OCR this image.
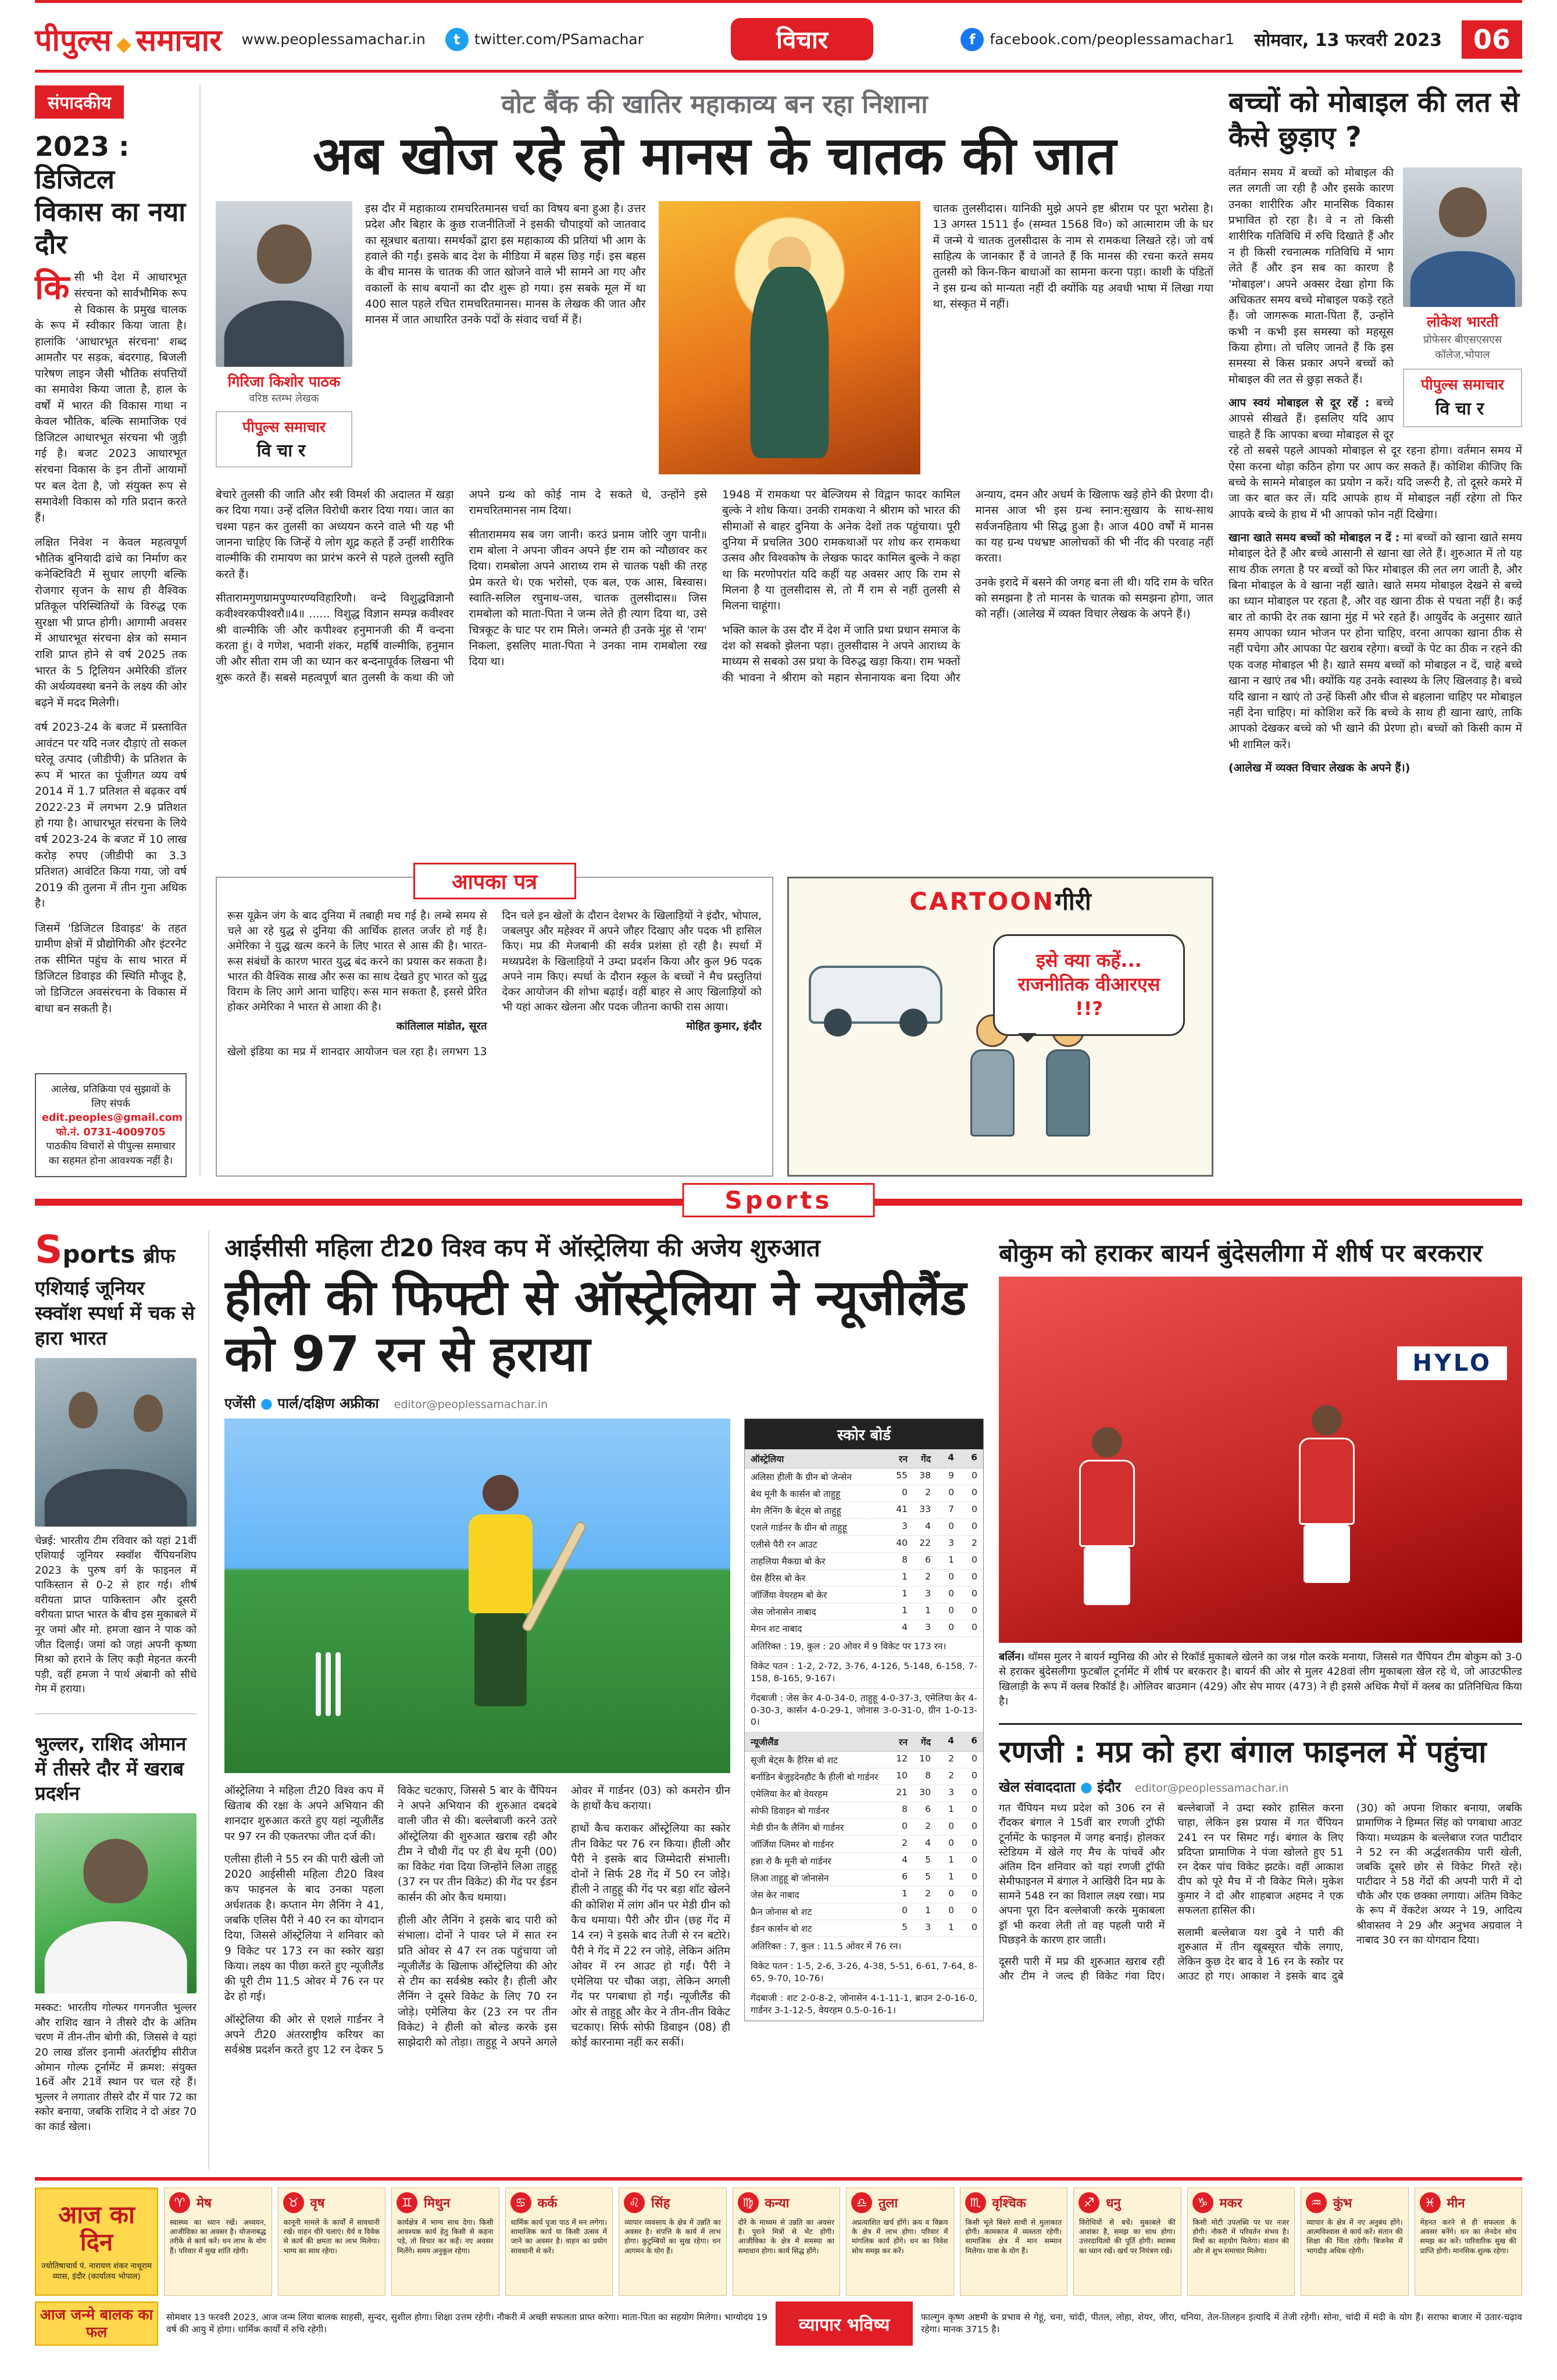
पीपुल्स ◆ समाचार www.peoplessamachar.in	t twitter.com/PSamachar	विचार	f facebook.com/peoplessamachar1 सोमवार, 13 फरवरी 2023	06
संपादकीय
2023 : डिजिटल विकास का नया दौर

किसी भी देश में आधारभूत संरचना को सार्वभौमिक रूप से विकास के प्रमुख चालक के रूप में स्वीकार किया जाता है। हालांकि 'आधारभूत संरचना' शब्द आमतौर पर सड़क, बंदरगाह, बिजली पारेषण लाइन जैसी भौतिक संपत्तियों का समावेश किया जाता है, हाल के वर्षों में भारत की विकास गाथा न केवल भौतिक, बल्कि सामाजिक एवं डिजिटल आधारभूत संरचना भी जुड़ी गई है। बजट 2023 आधारभूत संरचना विकास के इन तीनों आयामों पर बल देता है, जो संयुक्त रूप से समावेशी विकास को गति प्रदान करते हैं।

लक्षित निवेश न केवल महत्वपूर्ण भौतिक बुनियादी ढांचे का निर्माण कर कनेक्टिविटी में सुधार लाएगी बल्कि रोजगार सृजन के साथ ही वैश्विक प्रतिकूल परिस्थितियों के विरुद्ध एक सुरक्षा भी प्राप्त होगी। आगामी अवसर में आधारभूत संरचना क्षेत्र को समान राशि प्राप्त होने से वर्ष 2025 तक भारत के 5 ट्रिलियन अमेरिकी डॉलर की अर्थव्यवस्था बनने के लक्ष्य की ओर बढ़ने में मदद मिलेगी।

वर्ष 2023-24 के बजट में प्रस्तावित आवंटन पर यदि नजर दौड़ाएं तो सकल घरेलू उत्पाद (जीडीपी) के प्रतिशत के रूप में भारत का पूंजीगत व्यय वर्ष 2014 में 1.7 प्रतिशत से बढ़कर वर्ष 2022-23 में लगभग 2.9 प्रतिशत हो गया है। आधारभूत संरचना के लिये वर्ष 2023-24 के बजट में 10 लाख करोड़ रुपए (जीडीपी का 3.3 प्रतिशत) आवंटित किया गया, जो वर्ष 2019 की तुलना में तीन गुना अधिक है।

जिसमें 'डिजिटल डिवाइड' के तहत ग्रामीण क्षेत्रों में प्रौद्योगिकी और इंटरनेट तक सीमित पहुंच के साथ भारत में डिजिटल डिवाइड की स्थिति मौजूद है, जो डिजिटल अवसंरचना के विकास में बाधा बन सकती है।

आलेख, प्रतिक्रिया एवं सुझावों के लिए संपर्क
edit.peoples@gmail.com फो.नं. 0731-4009705
पाठकीय विचारों से पीपुल्स समाचार का सहमत होना आवश्यक नहीं है।
वोट बैंक की खातिर महाकाव्य बन रहा निशाना
अब खोज रहे हो मानस के चातक की जात
गिरिजा किशोर पाठक
वरिष्ठ स्तम्भ लेखक
पीपुल्स समाचार
विचार
इस दौर में महाकाव्य रामचरितमानस चर्चा का विषय बना हुआ है। उत्तर प्रदेश और बिहार के कुछ राजनीतिजों ने इसकी चौपाइयों को जातवाद का सूत्रधार बताया। समर्थकों द्वारा इस महाकाव्य की प्रतियां भी आग के हवाले की गईं। इसके बाद देश के मीडिया में बहस छिड़ गई। इस बहस के बीच मानस के चातक की जात खोजने वाले भी सामने आ गए और वकालों के साथ बयानों का दौर शुरू हो गया। इस सबके मूल में था 400 साल पहले रचित रामचरितमानस। मानस के लेखक की जात और मानस में जात आधारित उनके पदों के संवाद चर्चा में हैं।
चातक तुलसीदास। यानिकी मुझे अपने इष्ट श्रीराम पर पूरा भरोसा है। 13 अगस्त 1511 ई० (सम्वत 1568 वि०) को आत्माराम जी के घर में जन्मे ये चातक तुलसीदास के नाम से रामकथा लिखते रहे। जो वर्ष साहित्य के जानकार हैं वे जानते हैं कि मानस की रचना करते समय तुलसी को किन-किन बाधाओं का सामना करना पड़ा। काशी के पंडितों ने इस ग्रन्थ को मान्यता नहीं दी क्योंकि यह अवधी भाषा में लिखा गया था, संस्कृत में नहीं।

बेचारे तुलसी की जाति और स्त्री विमर्श की अदालत में खड़ा कर दिया गया। उन्हें दलित विरोधी करार दिया गया। जात का चश्मा पहन कर तुलसी का अध्ययन करने वाले भी यह भी जानना चाहिए कि जिन्हें ये लोग शूद्र कहते हैं उन्हीं शारीरिक वाल्मीकि की रामायण का प्रारंभ करने से पहले तुलसी स्तुति करते हैं।

सीतारामगुणग्रामपुण्यारण्यविहारिणौ। वन्दे विशुद्धविज्ञानौ कवीश्वरकपीश्वरौ॥4॥ ...... विशुद्ध विज्ञान सम्पन्न कवीश्वर श्री वाल्मीकि जी और कपीश्वर हनुमानजी की मैं वन्दना करता हूं। वे गणेश, भवानी शंकर, महर्षि वाल्मीकि, हनुमान जी और सीता राम जी का ध्यान कर बन्दनापूर्वक लिखना भी शुरू करते हैं। सबसे महत्वपूर्ण बात तुलसी के कथा की जो अपने ग्रन्थ को कोई नाम दे सकते थे, उन्होंने इसे रामचरितमानस नाम दिया।

सीताराममय सब जग जानी। करउं प्रनाम जोरि जुग पानी॥ राम बोला ने अपना जीवन अपने ईष्ट राम को न्यौछावर कर दिया। रामबोला अपने आराध्य राम से चातक पक्षी की तरह प्रेम करते थे। एक भरोसो, एक बल, एक आस, बिस्वास। स्वाति-सलिल रघुनाथ-जस, चातक तुलसीदास॥ जिस रामबोला को माता-पिता ने जन्म लेते ही त्याग दिया था, उसे चित्रकूट के घाट पर राम मिले। जन्मते ही उनके मुंह से 'राम' निकला, इसलिए माता-पिता ने उनका नाम रामबोला रख दिया था।

1948 में रामकथा पर बेल्जियम से विद्वान फादर कामिल बुल्के ने शोध किया। उनकी रामकथा ने श्रीराम को भारत की सीमाओं से बाहर दुनिया के अनेक देशों तक पहुंचाया। पूरी दुनिया में प्रचलित 300 रामकथाओं पर शोध कर रामकथा उत्सव और विश्वकोष के लेखक फादर कामिल बुल्के ने कहा था कि मरणोपरांत यदि कहीं यह अवसर आए कि राम से मिलना है या तुलसीदास से, तो मैं राम से नहीं तुलसी से मिलना चाहूंगा।

भक्ति काल के उस दौर में देश में जाति प्रथा प्रधान समाज के दंश को सबको झेलना पड़ा। तुलसीदास ने अपने आराध्य के माध्यम से सबको उस प्रथा के विरुद्ध खड़ा किया। राम भक्तों की भावना ने श्रीराम को महान सेनानायक बना दिया और अन्याय, दमन और अधर्म के खिलाफ खड़े होने की प्रेरणा दी। मानस आज भी इस ग्रन्थ स्नान:सुखाय के साथ-साथ सर्वजनहिताय भी सिद्ध हुआ है। आज 400 वर्षों में मानस का यह ग्रन्थ पथभ्रष्ट आलोचकों की भी नींद की परवाह नहीं करता।

उनके इरादे में बसने की जगह बना ली थी। यदि राम के चरित को समझना है तो मानस के चातक को समझना होगा, जात को नहीं। (आलेख में व्यक्त विचार लेखक के अपने हैं।)

आपका पत्र
रूस यूक्रेन जंग के बाद दुनिया में तबाही मच गई है। लम्बे समय से चले आ रहे युद्ध से दुनिया की आर्थिक हालत जर्जर हो गई है। अमेरिका ने युद्ध खत्म करने के लिए भारत से आस की है। भारत-रूस संबंधों के कारण भारत युद्ध बंद करने का प्रयास कर सकता है। भारत की वैश्विक साख और रूस का साथ देखते हुए भारत को युद्ध विराम के लिए आगे आना चाहिए। रूस मान सकता है, इससे प्रेरित होकर अमेरिका ने भारत से आशा की है।
कांतिलाल मांडोत, सूरत
खेलो इंडिया का मप्र में शानदार आयोजन चल रहा है। लगभग 13 दिन चले इन खेलों के दौरान देशभर के खिलाड़ियों ने इंदौर, भोपाल, जबलपुर और महेश्वर में अपने जौहर दिखाए और पदक भी हासिल किए। मप्र की मेजबानी की सर्वत्र प्रशंसा हो रही है। स्पर्धा में मध्यप्रदेश के खिलाड़ियों ने उम्दा प्रदर्शन किया और कुल 96 पदक अपने नाम किए। स्पर्धा के दौरान स्कूल के बच्चों ने मैच प्रस्तुतियां देकर आयोजन की शोभा बढ़ाई। वहीं बाहर से आए खिलाड़ियों को भी यहां आकर खेलना और पदक जीतना काफी रास आया।
मोहित कुमार, इंदौर
CARTOONगीरी
इसे क्या कहें... राजनीतिक वीआरएस !!?
बच्चों को मोबाइल की लत से कैसे छुड़ाए ?
लोकेश भारती
प्रोफेसर बीएसएसएस कॉलेज,भोपाल
पीपुल्स समाचार
विचार

वर्तमान समय में बच्चों को मोबाइल की लत लगती जा रही है और इसके कारण उनका शारीरिक और मानसिक विकास प्रभावित हो रहा है। वे न तो किसी शारीरिक गतिविधि में रुचि दिखाते हैं और न ही किसी रचनात्मक गतिविधि में भाग लेते हैं और इन सब का कारण है 'मोबाइल'। अपने अक्सर देखा होगा कि अधिकतर समय बच्चे मोबाइल पकड़े रहते हैं। जो जागरूक माता-पिता हैं, उन्होंने कभी न कभी इस समस्या को महसूस किया होगा। तो चलिए जानते हैं कि इस समस्या से किस प्रकार अपने बच्चों को मोबाइल की लत से छुड़ा सकते हैं।

आप स्वयं मोबाइल से दूर रहें : बच्चे आपसे सीखते हैं। इसलिए यदि आप चाहते हैं कि आपका बच्चा मोबाइल से दूर रहे तो सबसे पहले आपको मोबाइल से दूर रहना होगा। वर्तमान समय में ऐसा करना थोड़ा कठिन होगा पर आप कर सकते हैं। कोशिश कीजिए कि बच्चे के सामने मोबाइल का प्रयोग न करें। यदि जरूरी है, तो दूसरे कमरे में जा कर बात कर लें। यदि आपके हाथ में मोबाइल नहीं रहेगा तो फिर आपके बच्चे के हाथ में भी आपको फोन नहीं दिखेगा।

खाना खाते समय बच्चों को मोबाइल न दें : मां बच्चों को खाना खाते समय मोबाइल देते हैं और बच्चे आसानी से खाना खा लेते हैं। शुरुआत में तो यह साथ ठीक लगता है पर बच्चों को फिर मोबाइल की लत लग जाती है, और बिना मोबाइल के वे खाना नहीं खाते। खाते समय मोबाइल देखने से बच्चे का ध्यान मोबाइल पर रहता है, और वह खाना ठीक से पचता नहीं है। कई बार तो काफी देर तक खाना मुंह में भरे रहते हैं। आयुर्वेद के अनुसार खाते समय आपका ध्यान भोजन पर होना चाहिए, वरना आपका खाना ठीक से नहीं पचेगा और आपका पेट खराब रहेगा। बच्चों के पेट का ठीक न रहने की एक वजह मोबाइल भी है। खाते समय बच्चों को मोबाइल न दें, चाहे बच्चे खाना न खाएं तब भी। क्योंकि यह उनके स्वास्थ्य के लिए खिलवाड़ है। बच्चे यदि खाना न खाएं तो उन्हें किसी और चीज से बहलाना चाहिए पर मोबाइल नहीं देना चाहिए। मां कोशिश करें कि बच्चे के साथ ही खाना खाएं, ताकि आपको देखकर बच्चे को भी खाने की प्रेरणा हो। बच्चों को किसी काम में भी शामिल करें।

(आलेख में व्यक्त विचार लेखक के अपने हैं।)

Sports
Sports ब्रीफ
एशियाई जूनियर स्क्वॉश स्पर्धा में चक से हारा भारत

चेन्नई: भारतीय टीम रविवार को यहां 21वीं एशियाई जूनियर स्क्वॉश चैंपियनशिप 2023 के पुरुष वर्ग के फाइनल में पाकिस्तान से 0-2 से हार गई। शीर्ष वरीयता प्राप्त पाकिस्तान और दूसरी वरीयता प्राप्त भारत के बीच इस मुकाबले में नूर जमां और मो. हमजा खान ने पाक को जीत दिलाई। जमां को जहां अपनी कृष्णा मिश्रा को हराने के लिए कड़ी मेहनत करनी पड़ी, वहीं हमजा ने पार्थ अंबानी को सीधे गेम में हराया।

भुल्लर, राशिद ओमान में तीसरे दौर में खराब प्रदर्शन

मस्कट: भारतीय गोल्फर गगनजीत भुल्लर और राशिद खान ने तीसरे दौर के अंतिम चरण में तीन-तीन बोगी की, जिससे वे यहां 20 लाख डॉलर इनामी अंतर्राष्ट्रीय सीरीज ओमान गोल्फ टूर्नामेंट में क्रमश: संयुक्त 16वें और 21वें स्थान पर चल रहे हैं। भुल्लर ने लगातार तीसरे दौर में पार 72 का स्कोर बनाया, जबकि राशिद ने दो अंडर 70 का कार्ड खेला।

आईसीसी महिला टी20 विश्व कप में ऑस्ट्रेलिया की अजेय शुरुआत
हीली की फिफ्टी से ऑस्ट्रेलिया ने न्यूजीलैंड को 97 रन से हराया
एजेंसी ● पार्ल/दक्षिण अफ्रीका editor@peoplessamachar.in

ऑस्ट्रेलिया ने महिला टी20 विश्व कप में खिताब की रक्षा के अपने अभियान की शानदार शुरुआत करते हुए यहां न्यूजीलैंड पर 97 रन की एकतरफा जीत दर्ज की।

एलीसा हीली ने 55 रन की पारी खेली जो 2020 आईसीसी महिला टी20 विश्व कप फाइनल के बाद उनका पहला अर्धशतक है। कप्तान मेग लैनिंग ने 41, जबकि एलिस पैरी ने 40 रन का योगदान दिया, जिससे ऑस्ट्रेलिया ने शनिवार को 9 विकेट पर 173 रन का स्कोर खड़ा किया। लक्ष्य का पीछा करते हुए न्यूजीलैंड की पूरी टीम 11.5 ओवर में 76 रन पर ढेर हो गई।

ऑस्ट्रेलिया की ओर से एशले गार्डनर ने अपने टी20 अंतरराष्ट्रीय करियर का सर्वश्रेष्ठ प्रदर्शन करते हुए 12 रन देकर 5 विकेट चटकाए, जिससे 5 बार के चैंपियन ने अपने अभियान की शुरुआत दबदबे वाली जीत से की। बल्लेबाजी करने उतरे ऑस्ट्रेलिया की शुरुआत खराब रही और टीम ने चौथी गेंद पर ही बेथ मूनी (00) का विकेट गंवा दिया जिन्होंने लिआ ताहुहू (37 रन पर तीन विकेट) की गेंद पर ईडन कार्सन की ओर कैच थमाया।

हीली और लैनिंग ने इसके बाद पारी को संभाला। दोनों ने पावर प्ले में सात रन प्रति ओवर से 47 रन तक पहुंचाया जो न्यूजीलैंड के खिलाफ ऑस्ट्रेलिया की ओर से टीम का सर्वश्रेष्ठ स्कोर है। हीली और लैनिंग ने दूसरे विकेट के लिए 70 रन जोड़े। एमेलिया केर (23 रन पर तीन विकेट) ने हीली को बोल्ड करके इस साझेदारी को तोड़ा। ताहुहू ने अपने अगले ओवर में गार्डनर (03) को कमरोन ग्रीन के हाथों कैच कराया।

हाथों कैच कराकर ऑस्ट्रेलिया का स्कोर तीन विकेट पर 76 रन किया। हीली और पैरी ने इसके बाद जिम्मेदारी संभाली। दोनों ने सिर्फ 28 गेंद में 50 रन जोड़े। हीली ने ताहुहू की गेंद पर बड़ा शॉट खेलने की कोशिश में लांग ऑन पर मेडी ग्रीन को कैच थमाया। पैरी और ग्रीन (छह गेंद में 14 रन) ने इसके बाद तेजी से रन बटोरे। पैरी ने गेंद में 22 रन जोड़े, लेकिन अंतिम ओवर में रन आउट हो गईं। पैरी ने एमेलिया पर चौका जड़ा, लेकिन अगली गेंद पर पगबाधा हो गईं। न्यूजीलैंड की ओर से ताहुहू और केर ने तीन-तीन विकेट चटकाए। सिर्फ सोफी डिवाइन (08) ही कोई कारनामा नहीं कर सकीं।

स्कोर बोर्ड
ऑस्ट्रेलिया	रन	गेंद	4	6
अलिसा हीली कै ग्रीन बो जेन्सेन	55	38	9	0
बेथ मूनी कै कार्सन बो ताहुहू	0	2	0	0
मेग लैनिंग कै बेट्स बो ताहुहू	41	33	7	0
एशले गार्डनर कै ग्रीन बो ताहुहू	3	4	0	0
एलीसे पैरी रन आउट	40	22	3	2
ताहलिया मैकग्रा बो केर	8	6	1	0
ग्रेस हैरिस बो केर	1	2	0	0
जॉर्जिया वेयरहम बो केर	1	3	0	0
जेस जोनासेन नाबाद	1	1	0	0
मेगन शट नाबाद	4	3	0	0
अतिरिक्त : 19, कुल : 20 ओवर में 9 विकेट पर 173 रन।
विकेट पतन : 1-2, 2-72, 3-76, 4-126, 5-148, 6-158, 7-158, 8-165, 9-167।
गेंदबाजी : जेस केर 4-0-34-0, ताहुहू 4-0-37-3, एमेलिया केर 4-0-30-3, कार्सन 4-0-29-1, जोनास 3-0-31-0, ग्रीन 1-0-13-0।
न्यूजीलैंड	रन	गेंद	4	6
सूजी बेट्स कै हैरिस बो शट	12	10	2	0
बर्नाडिन बेजुइदेनहौट कै हीली बो गार्डनर	10	8	2	0
एमेलिया केर बो वेयरहम	21	30	3	0
सोफी डिवाइन बो गार्डनर	8	6	1	0
मेडी ग्रीन कै लैनिंग बो गार्डनर	0	2	0	0
जॉर्जिया प्लिमर बो गार्डनर	2	4	0	0
हन्ना रो कै मूनी बो गार्डनर	4	5	1	0
लिआ ताहुहू बो जोनासेन	6	5	1	0
जेस केर नाबाद	1	2	0	0
फ्रैन जोनास बो शट	0	1	0	0
ईडन कार्सन बो शट	5	3	1	0
अतिरिक्त : 7, कुल : 11.5 ओवर में 76 रन।
विकेट पतन : 1-5, 2-6, 3-26, 4-38, 5-51, 6-61, 7-64, 8-65, 9-70, 10-76।
गेंदबाजी : शट 2-0-8-2, जोनासेन 4-1-11-1, ब्राउन 2-0-16-0, गार्डनर 3-1-12-5, वेयरहम 0.5-0-16-1।
बोकुम को हराकर बायर्न बुंदेसलीगा में शीर्ष पर बरकरार
HYLO

बर्लिन। थॉमस मुलर ने बायर्न म्युनिख की ओर से रिकॉर्ड मुकाबले खेलने का जश्न गोल करके मनाया, जिससे गत चैंपियन टीम बोकुम को 3-0 से हराकर बुंदेसलीगा फुटबॉल टूर्नामेंट में शीर्ष पर बरकरार है। बायर्न की ओर से मुलर 428वां लीग मुकाबला खेल रहे थे, जो आउटफील्ड खिलाड़ी के रूप में क्लब रिकॉर्ड है। ओलिवर बाउमान (429) और सेप मायर (473) ने ही इससे अधिक मैचों में क्लब का प्रतिनिधित्व किया है।

रणजी : मप्र को हरा बंगाल फाइनल में पहुंचा
खेल संवाददाता ● इंदौर editor@peoplessamachar.in

गत चैंपियन मध्य प्रदेश को 306 रन से रौंदकर बंगाल ने 15वीं बार रणजी ट्रॉफी टूर्नामेंट के फाइनल में जगह बनाई। होलकर स्टेडियम में खेले गए मैच के पांचवें और अंतिम दिन शनिवार को यहां रणजी ट्रॉफी सेमीफाइनल में बंगाल ने आखिरी दिन मप्र के सामने 548 रन का विशाल लक्ष्य रखा। मप्र अपना पूरा दिन बल्लेबाजी करके मुकाबला ड्रॉ भी करवा लेती तो वह पहली पारी में पिछड़ने के कारण हार जाती।

दूसरी पारी में मप्र की शुरुआत खराब रही और टीम ने जल्द ही विकेट गंवा दिए। बल्लेबाजों ने उम्दा स्कोर हासिल करना चाहा, लेकिन इस प्रयास में गत चैंपियन 241 रन पर सिमट गई। बंगाल के लिए प्रदिप्ता प्रामाणिक ने पंजा खोलते हुए 51 रन देकर पांच विकेट झटके। वहीं आकाश दीप को पूरे मैच में नौ विकेट मिले। मुकेश कुमार ने दो और शाहबाज अहमद ने एक सफलता हासिल की।

सलामी बल्लेबाज यश दुबे ने पारी की शुरुआत में तीन खूबसूरत चौके लगाए, लेकिन कुछ देर बाद वे 16 रन के स्कोर पर आउट हो गए। आकाश ने इसके बाद दुबे (30) को अपना शिकार बनाया, जबकि प्रामाणिक ने हिम्मत सिंह को पगबाधा आउट किया। मध्यक्रम के बल्लेबाज रजत पाटीदार ने 52 रन की अर्द्धशतकीय पारी खेली, जबकि दूसरे छोर से विकेट गिरते रहे। पाटीदार ने 58 गेंदों की अपनी पारी में दो चौके और एक छक्का लगाया। अंतिम विकेट के रूप में वेंकटेश अय्यर ने 19, आदित्य श्रीवास्तव ने 29 और अनुभव अग्रवाल ने नाबाद 30 रन का योगदान दिया।

आज का दिन
ज्योतिषाचार्य पं. नारायण शंकर नाथूराम व्यास, इंदौर (कार्यालय भोपाल)
♈ मेष
स्वास्थ्य का ध्यान रखें। अध्ययन, आजीविका का अवसर है। योजनाबद्ध तरीके से कार्य करें। धन लाभ के योग हैं। परिवार में सुख शांति रहेगी।
♉ वृष
कानूनी मामले के कार्यों में सावधानी रखें। वाहन धीरे चलाएं। धैर्य व विवेक से कार्य की क्षमता का लाभ मिलेगा। भाग्य का साथ रहेगा।
♊ मिथुन
कार्यक्षेत्र में भाग्य साथ देगा। किसी आवश्यक कार्य हेतु किसी से कहना पड़े, तो विचार कर कहें। नए अवसर मिलेंगे। समय अनुकूल रहेगा।
♋ कर्क
धार्मिक कार्य पूजा पाठ में मन लगेगा। सामाजिक कार्य या किसी उत्सव में जाने का अवसर है। वाहन का प्रयोग सावधानी से करें।
♌ सिंह
व्यापार व्यवसाय के क्षेत्र में उन्नति का अवसर है। संपत्ति के कार्य में लाभ होगा। कुटुम्बियों का सुख रहेगा। धन आगमन के योग हैं।
♍ कन्या
दौरे के माध्यम से उन्नति का अवसर है। पुराने मित्रों से भेंट होगी। आजीविका के क्षेत्र में समस्या का समाधान होगा। कार्य सिद्ध होंगे।
♎ तुला
अप्रत्याशित खर्च होंगे। क्रय व विक्रय के क्षेत्र में लाभ होगा। परिवार में मांगलिक कार्य होंगे। धन का निवेश सोच समझ कर करें।
♏ वृश्चिक
किसी भूले बिसरे साथी से मुलाकात होगी। कामकाज में व्यस्तता रहेगी। सामाजिक क्षेत्र में मान सम्मान मिलेगा। यात्रा के योग हैं।
♐ धनु
विरोधियों से बचें। मुकाबले की आशंका है, समझ का साथ होगा। उत्तरदायित्वों की पूर्ति होगी। स्वास्थ्य का ध्यान रखें। खर्च पर नियंत्रण रखें।
♑ मकर
किसी मोटी उपलब्धि पर घर नजर होगी। नौकरी में परिवर्तन संभव है। मित्रों का सहयोग मिलेगा। संतान की ओर से शुभ समाचार मिलेगा।
♒ कुंभ
व्यापार के क्षेत्र में नए अनुबंध होंगे। आत्मविश्वास से कार्य करें। संतान की शिक्षा की चिंता रहेगी। बिजनेस में भागदौड़ अधिक रहेगी।
♓ मीन
मेहनत करने से ही सफलता के अवसर बनेंगे। धन का लेनदेन सोच समझ कर करें। पारिवारिक सुख की प्राप्ति होगी। मानसिक शुल्क रहेगा।
आज जन्मे बालक का फल
सोमवार 13 फरवरी 2023, आज जन्म लिया बालक साहसी, सुन्दर, सुशील होगा। शिक्षा उत्तम रहेगी। नौकरी में अच्छी सफलता प्राप्त करेगा। माता-पिता का सहयोग मिलेगा। भाग्योदय 19 वर्ष की आयु में होगा। धार्मिक कार्यों में रुचि रहेगी।	व्यापार भविष्य	फाल्गुन कृष्ण अष्टमी के प्रभाव से गेहूं, चना, चांदी, पीतल, लोहा, शेयर, जीरा, धनिया, तेल-तिलहन इत्यादि में तेजी रहेगी। सोना, चांदी में मंदी के योग हैं। सराफा बाजार में उतार-चढ़ाव रहेगा। मानक 3715 है।
